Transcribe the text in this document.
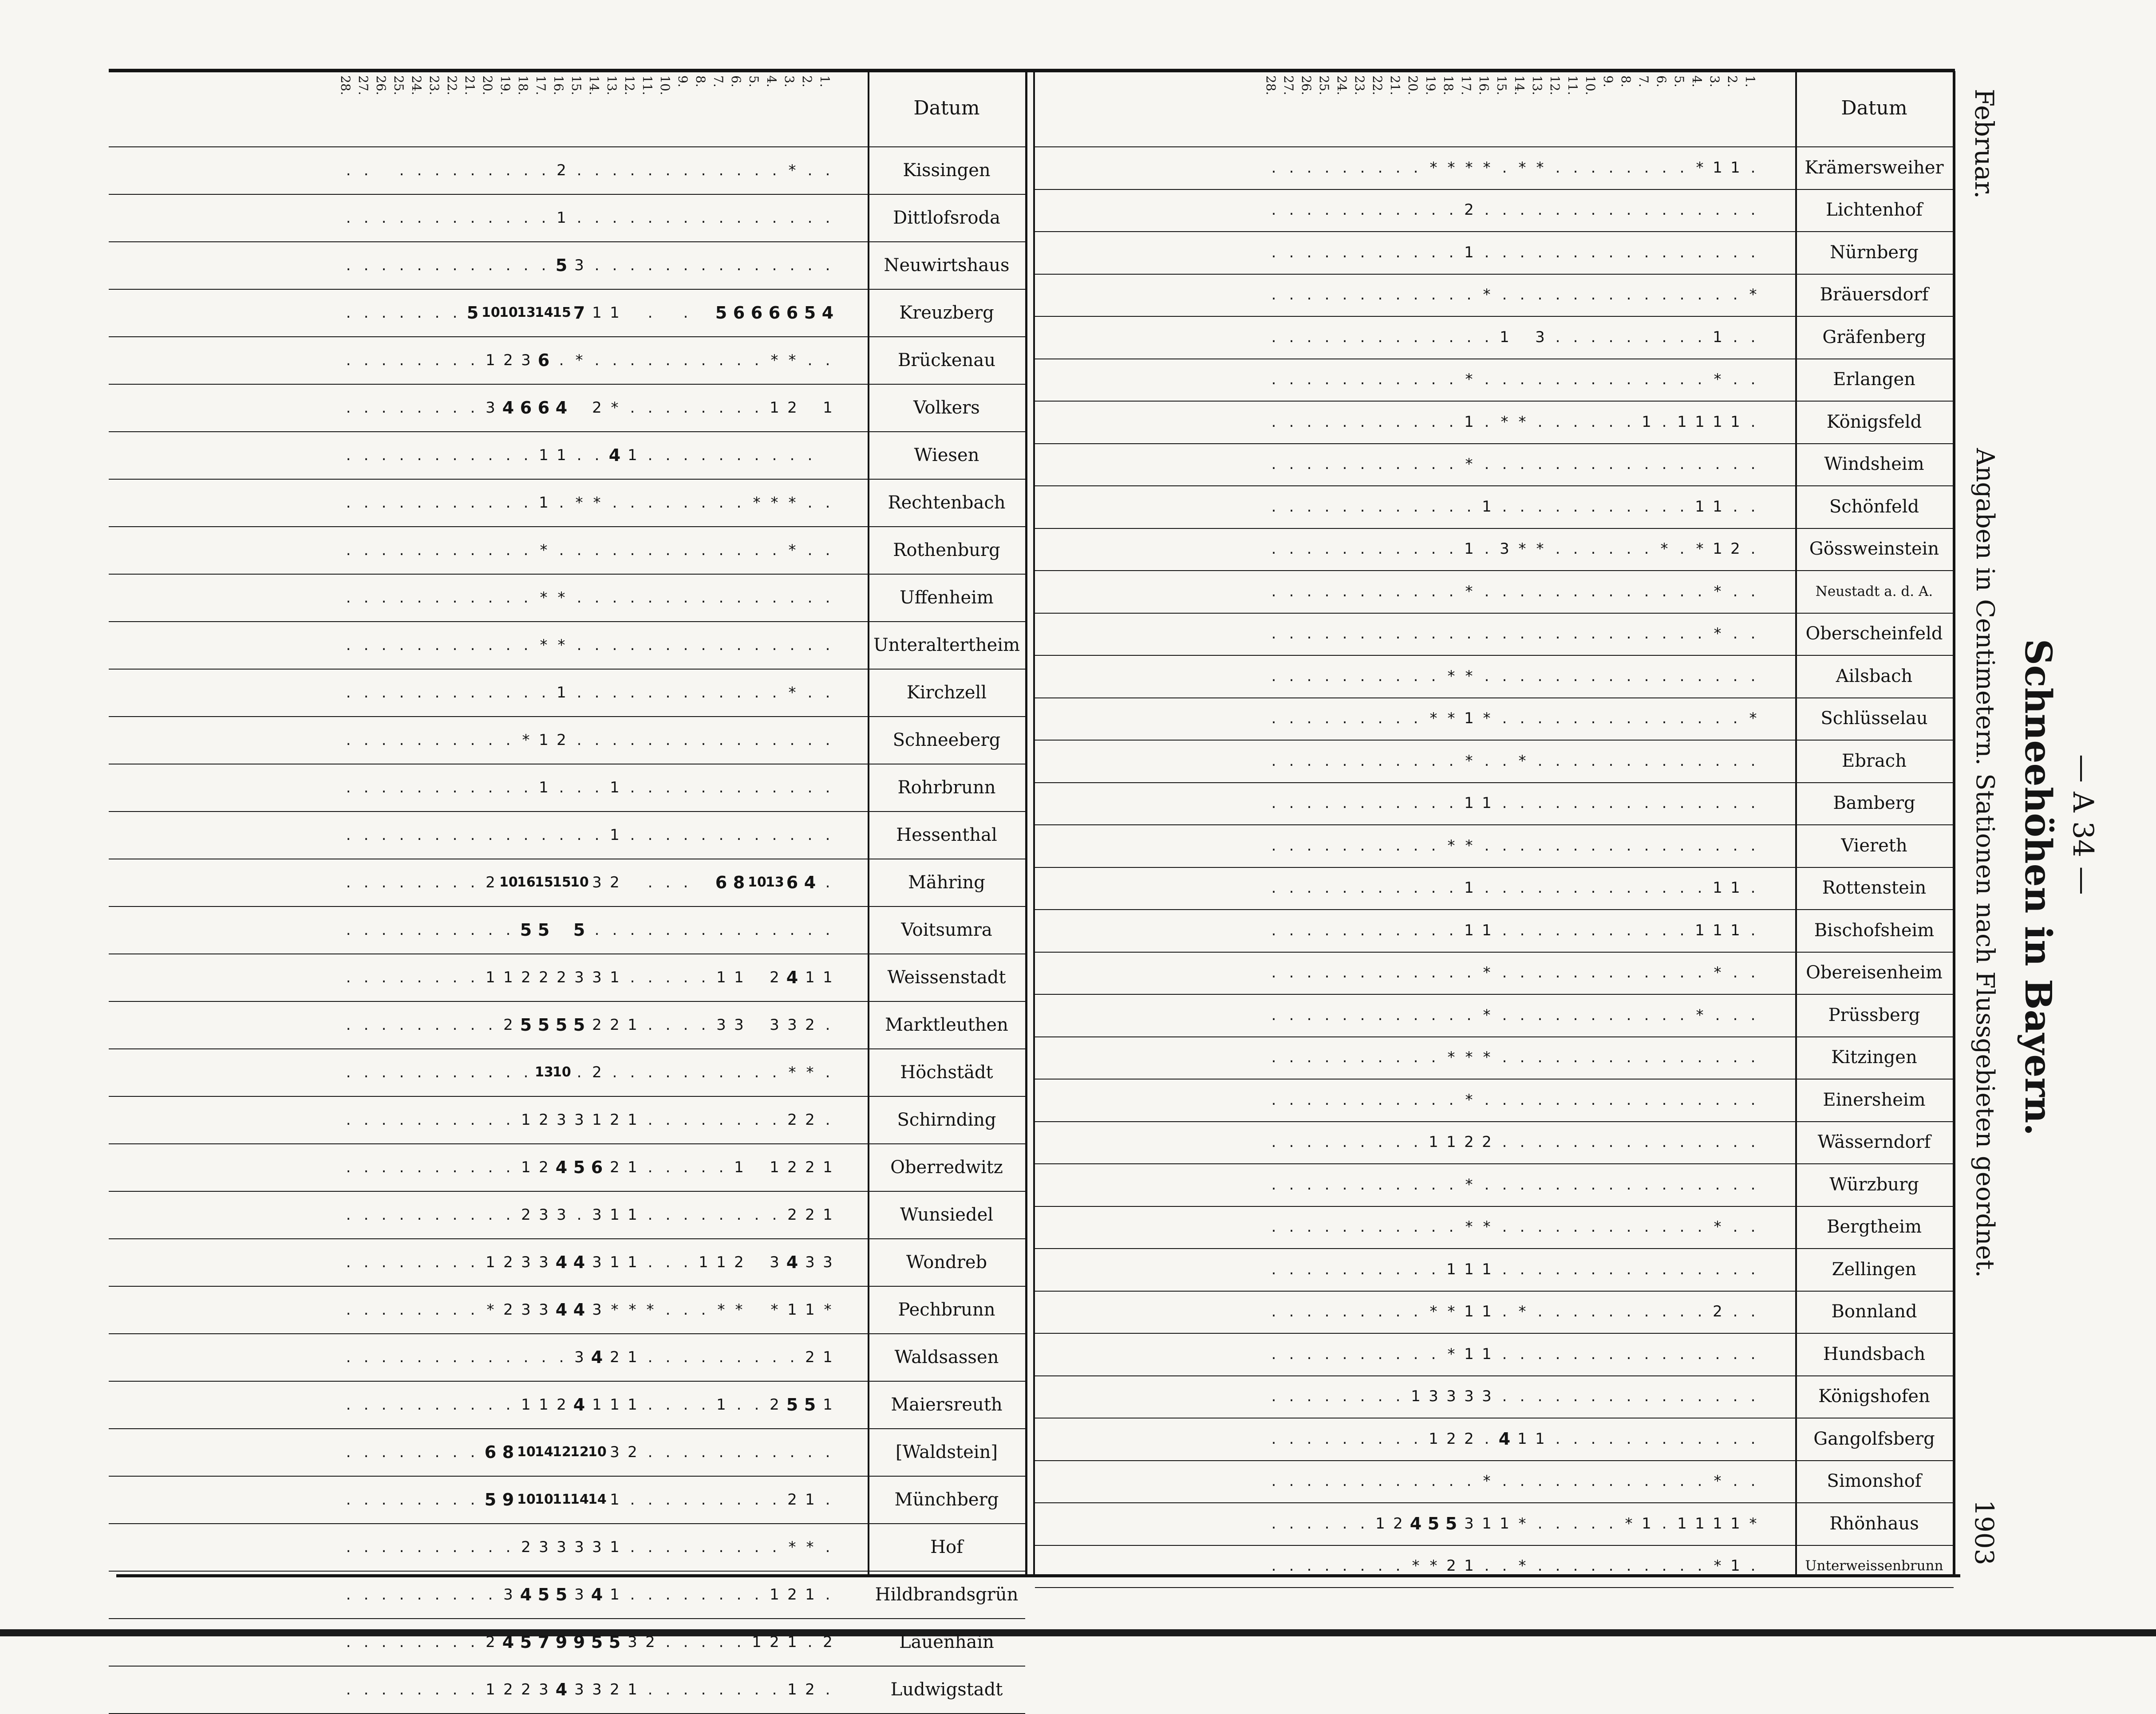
Februar.
— A 34 —
Schneehöhen in Bayern.
Angaben in Centimetern. Stationen nach Flussgebieten geordnet.
1903
Datum	Datum
1.
2.
3.
4.
5.
6.
7.
8.
9.
10.
11.
12.
13.
14.
15.
16.
17.
18.
19.
20.
21.
22.
23.
24.
25.
26.
27.
28.	1.
2.
3.
4.
5.
6.
7.
8.
9.
10.
11.
12.
13.
14.
15.
16.
17.
18.
19.
20.
21.
22.
23.
24.
25.
26.
27.
28.
Kissingen
Dittlofsroda
Neuwirtshaus
Kreuzberg
Brückenau
Volkers
Wiesen
Rechtenbach
Rothenburg
Uffenheim
Unteraltertheim
Kirchzell
Schneeberg
Rohrbrunn
Hessenthal
Mähring
Voitsumra
Weissenstadt
Marktleuthen
Höchstädt
Schirnding
Oberredwitz
Wunsiedel
Wondreb
Pechbrunn
Waldsassen
Maiersreuth
[Waldstein]
Münchberg
Hof
Hildbrandsgrün
Lauenhain
Ludwigstadt
Krämersweiher
Lichtenhof
Nürnberg
Bräuersdorf
Gräfenberg
Erlangen
Königsfeld
Windsheim
Schönfeld
Gössweinstein
Neustadt a. d. A.
Oberscheinfeld
Ailsbach
Schlüsselau
Ebrach
Bamberg
Viereth
Rottenstein
Bischofsheim
Obereisenheim
Prüssberg
Kitzingen
Einersheim
Wässerndorf
Würzburg
Bergtheim
Zellingen
Bonnland
Hundsbach
Königshofen
Gangolfsberg
Simonshof
Rhönhaus
Unterweissenbrunn
.
.
*
.
.
.
.
.
.
.
.
.
.
.
.
2
.
.
.
.
.
.
.
.
.
.
.
.
.
.
.
.
.
.
.
.
.
.
.
.
.
.
1
.
.
.
.
.
.
.
.
.
.
.
.
.
.
.
.
.
.
.
.
.
.
.
.
.
.
3
5
.
.
.
.
.
.
.
.
.
.
.
.
4
5
6
6
6
6
5
.
.
1
1
7
15
14
13
10
10
5
.
.
.
.
.
.
.
.
.
*
*
.
.
.
.
.
.
.
.
.
.
*
.
6
3
2
1
.
.
.
.
.
.
.
.
1
2
1
.
.
.
.
.
.
.
.
*
2
4
6
6
4
3
.
.
.
.
.
.
.
.
.
.
.
.
.
.
.
.
.
.
1
4
.
.
1
1
.
.
.
.
.
.
.
.
.
.
.
.
.
*
*
*
.
.
.
.
.
.
.
.
*
*
.
1
.
.
.
.
.
.
.
.
.
.
.
.
.
*
.
.
.
.
.
.
.
.
.
.
.
.
.
*
.
.
.
.
.
.
.
.
.
.
.
.
.
.
.
.
.
.
.
.
.
.
.
.
.
.
*
*
.
.
.
.
.
.
.
.
.
.
.
.
.
.
.
.
.
.
.
.
.
.
.
.
.
.
*
*
.
.
.
.
.
.
.
.
.
.
.
.
.
*
.
.
.
.
.
.
.
.
.
.
.
.
1
.
.
.
.
.
.
.
.
.
.
.
.
.
.
.
.
.
.
.
.
.
.
.
.
.
.
.
2
1
*
.
.
.
.
.
.
.
.
.
.
.
.
.
.
.
.
.
.
.
.
.
.
1
.
.
.
1
.
.
.
.
.
.
.
.
.
.
.
.
.
.
.
.
.
.
.
.
.
.
.
1
.
.
.
.
.
.
.
.
.
.
.
.
.
.
.
.
4
6
13
10
8
6
.
.
.
2
3
10
15
15
16
10
2
.
.
.
.
.
.
.
.
.
.
.
.
.
.
.
.
.
.
.
.
.
.
5
5
5
.
.
.
.
.
.
.
.
.
.
1
1
4
2
1
1
.
.
.
.
.
1
3
3
2
2
2
1
1
.
.
.
.
.
.
.
.
.
2
3
3
3
3
.
.
.
.
1
2
2
5
5
5
5
2
.
.
.
.
.
.
.
.
.
.
*
*
.
.
.
.
.
.
.
.
.
.
2
.
10
13
.
.
.
.
.
.
.
.
.
.
.
.
2
2
.
.
.
.
.
.
.
.
1
2
1
3
3
2
1
.
.
.
.
.
.
.
.
.
.
1
2
2
1
1
.
.
.
.
.
1
2
6
5
4
2
1
.
.
.
.
.
.
.
.
.
.
1
2
2
.
.
.
.
.
.
.
.
1
1
3
.
3
3
2
.
.
.
.
.
.
.
.
.
.
3
3
4
3
2
1
1
.
.
.
1
1
3
4
4
3
3
2
1
.
.
.
.
.
.
.
.
*
1
1
*
*
*
.
.
.
*
*
*
3
4
4
3
3
2
*
.
.
.
.
.
.
.
.
1
2
.
.
.
.
.
.
.
.
.
1
2
4
3
.
.
.
.
.
.
.
.
.
.
.
.
.
1
5
5
2
.
.
1
.
.
.
.
1
1
1
4
2
1
1
.
.
.
.
.
.
.
.
.
.
.
.
.
.
.
.
.
.
.
.
.
2
3
10
12
12
14
10
8
6
.
.
.
.
.
.
.
.
.
1
2
.
.
.
.
.
.
.
.
.
1
14
14
11
10
10
9
5
.
.
.
.
.
.
.
.
.
*
*
.
.
.
.
.
.
.
.
.
1
3
3
3
3
2
.
.
.
.
.
.
.
.
.
.
.
1
2
1
.
.
.
.
.
.
.
.
1
4
3
5
5
4
3
.
.
.
.
.
.
.
.
.
2
.
1
2
1
.
.
.
.
.
2
3
5
5
9
9
7
5
4
2
.
.
.
.
.
.
.
.
.
2
1
.
.
.
.
.
.
.
.
1
2
3
3
4
3
2
2
1
.
.
.
.
.
.
.
.
.
1
1
*
.
.
.
.
.
.
.
.
*
*
.
*
*
*
*
.
.
.
.
.
.
.
.
.
.
.
.
.
.
.
.
.
.
.
.
.
.
.
.
.
2
.
.
.
.
.
.
.
.
.
.
.
.
.
.
.
.
.
.
.
.
.
.
.
.
.
.
.
1
.
.
.
.
.
.
.
.
.
.
.
*
.
.
.
.
.
.
.
.
.
.
.
.
.
.
*
.
.
.
.
.
.
.
.
.
.
.
.
.
.
1
.
.
.
.
.
.
.
.
.
3
1
.
.
.
.
.
.
.
.
.
.
.
.
.
.
.
*
.
.
.
.
.
.
.
.
.
.
.
.
.
*
.
.
.
.
.
.
.
.
.
.
.
.
1
1
1
1
.
1
.
.
.
.
.
.
*
*
.
1
.
.
.
.
.
.
.
.
.
.
.
.
.
.
.
.
.
.
.
.
.
.
.
.
.
.
.
*
.
.
.
.
.
.
.
.
.
.
.
.
.
1
1
.
.
.
.
.
.
.
.
.
.
.
1
.
.
.
.
.
.
.
.
.
.
.
.
.
2
1
*
.
*
.
.
.
.
.
.
*
*
3
.
1
.
.
.
.
.
.
.
.
.
.
.
.
.
*
.
.
.
.
.
.
.
.
.
.
.
.
.
*
.
.
.
.
.
.
.
.
.
.
.
.
.
*
.
.
.
.
.
.
.
.
.
.
.
.
.
.
.
.
.
.
.
.
.
.
.
.
.
.
.
.
.
.
.
.
.
.
.
.
.
.
.
.
.
*
*
.
.
.
.
.
.
.
.
.
.
*
.
.
.
.
.
.
.
.
.
.
.
.
.
.
*
1
*
*
.
.
.
.
.
.
.
.
.
.
.
.
.
.
.
.
.
.
.
.
.
.
*
.
.
*
.
.
.
.
.
.
.
.
.
.
.
.
.
.
.
.
.
.
.
.
.
.
.
.
.
.
1
1
.
.
.
.
.
.
.
.
.
.
.
.
.
.
.
.
.
.
.
.
.
.
.
.
.
.
.
*
*
.
.
.
.
.
.
.
.
.
.
.
1
1
.
.
.
.
.
.
.
.
.
.
.
.
.
1
.
.
.
.
.
.
.
.
.
.
.
.
1
1
1
.
.
.
.
.
.
.
.
.
.
.
1
1
.
.
.
.
.
.
.
.
.
.
.
.
.
*
.
.
.
.
.
.
.
.
.
.
.
.
*
.
.
.
.
.
.
.
.
.
.
.
.
.
.
.
*
.
.
.
.
.
.
.
.
.
.
.
*
.
.
.
.
.
.
.
.
.
.
.
.
.
.
.
.
.
.
.
.
.
.
.
.
.
.
.
*
*
*
.
.
.
.
.
.
.
.
.
.
.
.
.
.
.
.
.
.
.
.
.
.
.
.
.
.
*
.
.
.
.
.
.
.
.
.
.
.
.
.
.
.
.
.
.
.
.
.
.
.
.
.
.
2
2
1
1
.
.
.
.
.
.
.
.
.
.
.
.
.
.
.
.
.
.
.
.
.
.
.
.
.
*
.
.
.
.
.
.
.
.
.
.
.
.
.
*
.
.
.
.
.
.
.
.
.
.
.
.
*
*
.
.
.
.
.
.
.
.
.
.
.
.
.
.
.
.
.
.
.
.
.
.
.
.
.
.
1
1
1
.
.
.
.
.
.
.
.
.
.
.
.
2
.
.
.
.
.
.
.
.
.
.
*
.
1
1
*
*
.
.
.
.
.
.
.
.
.
.
.
.
.
.
.
.
.
.
.
.
.
.
.
.
1
1
*
.
.
.
.
.
.
.
.
.
.
.
.
.
.
.
.
.
.
.
.
.
.
.
.
.
3
3
3
3
1
.
.
.
.
.
.
.
.
.
.
.
.
.
.
.
.
.
.
.
.
1
1
4
.
2
2
1
.
.
.
.
.
.
.
.
.
.
.
*
.
.
.
.
.
.
.
.
.
.
.
.
*
.
.
.
.
.
.
.
.
.
.
.
.
*
1
1
1
1
.
1
*
.
.
.
.
.
*
1
1
3
5
5
4
2
1
.
.
.
.
.
.
.
1
*
.
.
.
.
.
.
.
.
.
.
*
.
.
1
2
*
*
.
.
.
.
.
.
.
.
